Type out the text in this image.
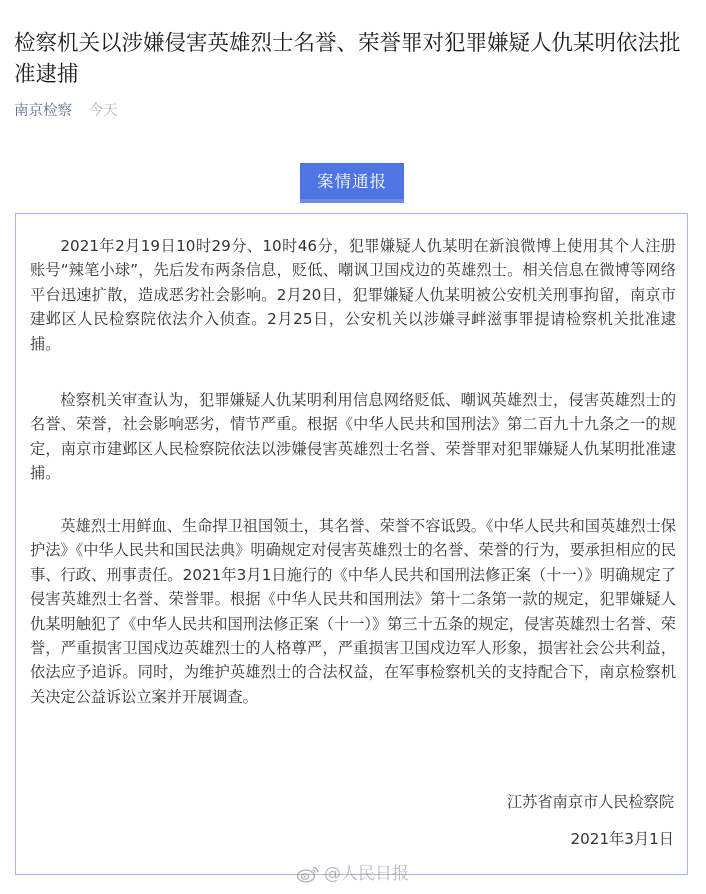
检察机关以涉嫌侵害英雄烈士名誉、荣誉罪对犯罪嫌疑人仇某明依法批准逮捕
南京检察 今天
案情通报

2021年2月19日10时29分、10时46分，犯罪嫌疑人仇某明在新浪微博上使用其个人注册账号“辣笔小球”，先后发布两条信息，贬低、嘲讽卫国戍边的英雄烈士。相关信息在微博等网络平台迅速扩散，造成恶劣社会影响。2月20日，犯罪嫌疑人仇某明被公安机关刑事拘留，南京市建邺区人民检察院依法介入侦查。2月25日，公安机关以涉嫌寻衅滋事罪提请检察机关批准逮捕。

检察机关审查认为，犯罪嫌疑人仇某明利用信息网络贬低、嘲讽英雄烈士，侵害英雄烈士的名誉、荣誉，社会影响恶劣，情节严重。根据《中华人民共和国刑法》第二百九十九条之一的规定，南京市建邺区人民检察院依法以涉嫌侵害英雄烈士名誉、荣誉罪对犯罪嫌疑人仇某明批准逮捕。

英雄烈士用鲜血、生命捍卫祖国领土，其名誉、荣誉不容诋毁。《中华人民共和国英雄烈士保护法》《中华人民共和国民法典》明确规定对侵害英雄烈士的名誉、荣誉的行为，要承担相应的民事、行政、刑事责任。2021年3月1日施行的《中华人民共和国刑法修正案（十一）》明确规定了侵害英雄烈士名誉、荣誉罪。根据《中华人民共和国刑法》第十二条第一款的规定，犯罪嫌疑人仇某明触犯了《中华人民共和国刑法修正案（十一）》第三十五条的规定，侵害英雄烈士名誉、荣誉，严重损害卫国戍边英雄烈士的人格尊严，严重损害卫国戍边军人形象，损害社会公共利益，依法应予追诉。同时，为维护英雄烈士的合法权益，在军事检察机关的支持配合下，南京检察机关决定公益诉讼立案并开展调查。

江苏省南京市人民检察院
2021年3月1日
@人民日报
